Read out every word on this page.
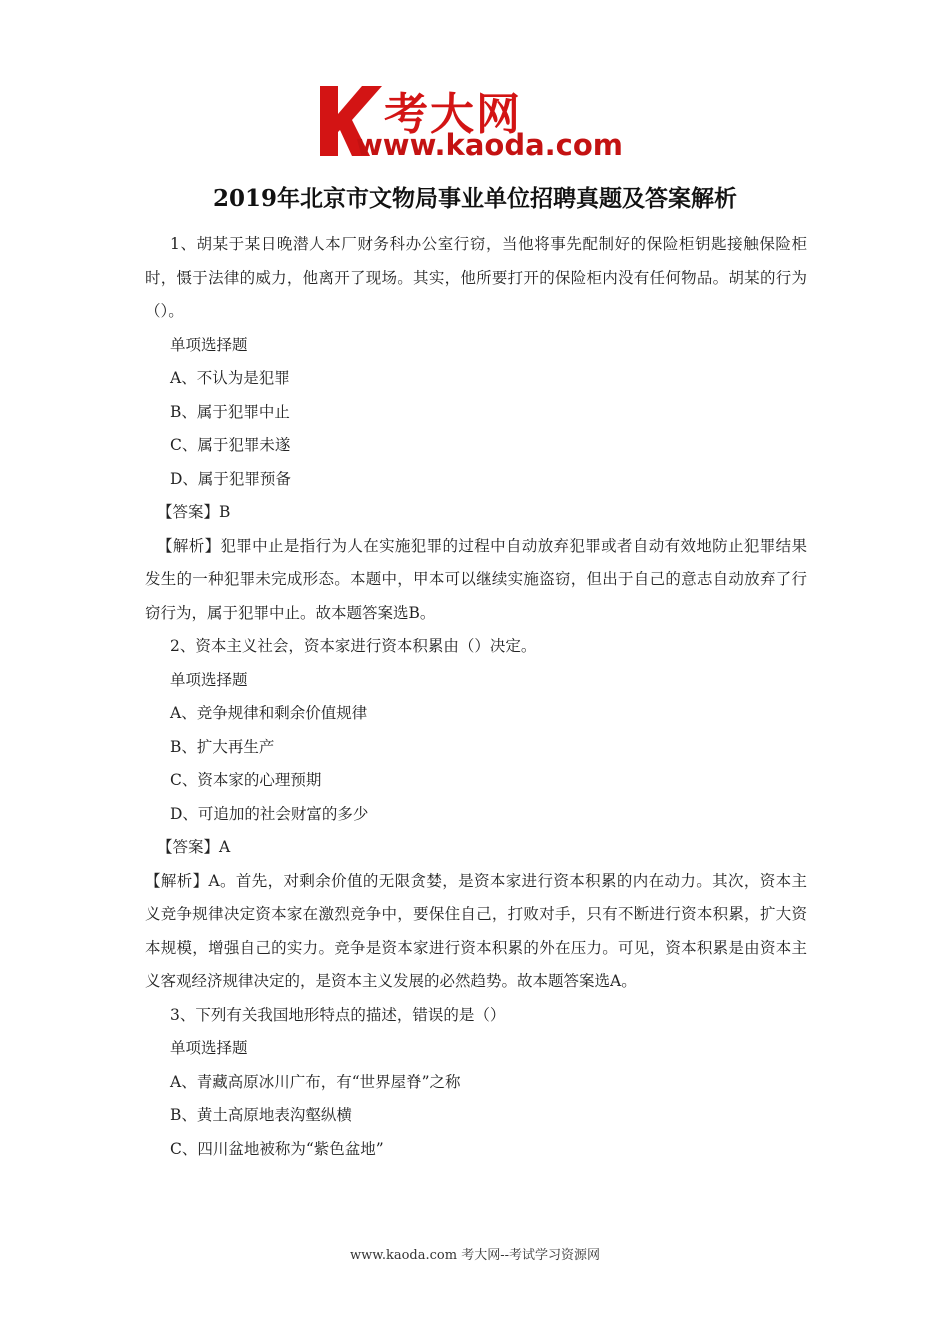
考大网
www.kaoda.com
2019年北京市文物局事业单位招聘真题及答案解析

1、胡某于某日晚潜人本厂财务科办公室行窃，当他将事先配制好的保险柜钥匙接触保险柜时，慑于法律的威力，他离开了现场。其实，他所要打开的保险柜内没有任何物品。胡某的行为（）。

单项选择题

A、不认为是犯罪

B、属于犯罪中止

C、属于犯罪未遂

D、属于犯罪预备

【答案】B

【解析】犯罪中止是指行为人在实施犯罪的过程中自动放弃犯罪或者自动有效地防止犯罪结果发生的一种犯罪未完成形态。本题中，甲本可以继续实施盗窃，但出于自己的意志自动放弃了行窃行为，属于犯罪中止。故本题答案选B。

2、资本主义社会，资本家进行资本积累由（）决定。

单项选择题

A、竞争规律和剩余价值规律

B、扩大再生产

C、资本家的心理预期

D、可追加的社会财富的多少

【答案】A

【解析】A。首先，对剩余价值的无限贪婪，是资本家进行资本积累的内在动力。其次，资本主义竞争规律决定资本家在激烈竞争中，要保住自己，打败对手，只有不断进行资本积累，扩大资本规模，增强自己的实力。竞争是资本家进行资本积累的外在压力。可见，资本积累是由资本主义客观经济规律决定的，是资本主义发展的必然趋势。故本题答案选A。

3、下列有关我国地形特点的描述，错误的是（）

单项选择题

A、青藏高原冰川广布，有“世界屋脊”之称

B、黄土高原地表沟壑纵横

C、四川盆地被称为“紫色盆地”

www.kaoda.com 考大网--考试学习资源网
